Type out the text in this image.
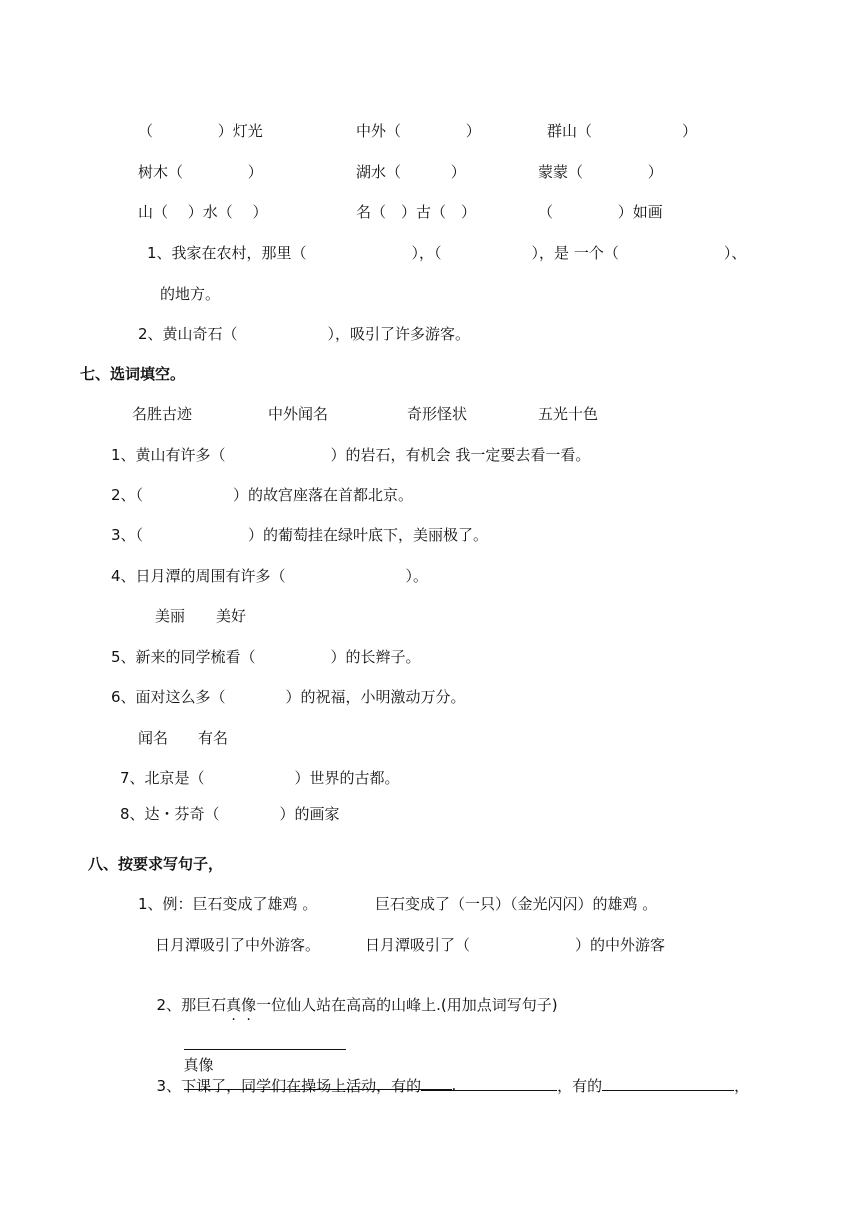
（　　　　 ）灯光	中外（　　　　 ）	群山（　　　　　　）
树木（　　　　 ）	湖水（　　　 ）	蒙蒙（　　　　 ）
山（　 ）水（　 ）	名（　）古（　）	（　　　　 ）如画
1、我家在农村，那里（　　　　　　　），（　　　　　　），是 一个（　　　　　　　）、
的地方。
2、黄山奇石（　　　　　　），吸引了许多游客。
七、选词填空。
名胜古迹	中外闻名	奇形怪状	五光十色
1、黄山有许多（　　　　　　　）的岩石，有机会 我一定要去看一看。
2、（　　　　　　）的故宫座落在首都北京。
3、（　　　　　　　）的葡萄挂在绿叶底下，美丽极了。
4、日月潭的周围有许多（　　　　　　　　）。
美丽 美好
5、新来的同学梳看（　　　　　）的长辫子。
6、面对这么多（　　　　）的祝福，小明激动万分。
闻名 有名
7、北京是（　　　　　　）世界的古都。
8、达・芬奇（　　　　）的画家
八、按要求写句子，
1、例：巨石变成了雄鸡 。	巨石变成了（一只）（金光闪闪）的雄鸡 。
日月潭吸引了中外游客。	日月潭吸引了（　　　　　　　）的中外游客

2、那巨石真像一位仙人站在高高的山峰上.(用加点词写句子)

真像
.

3、下课了，同学们在操场上活动，有的	，有的	，
